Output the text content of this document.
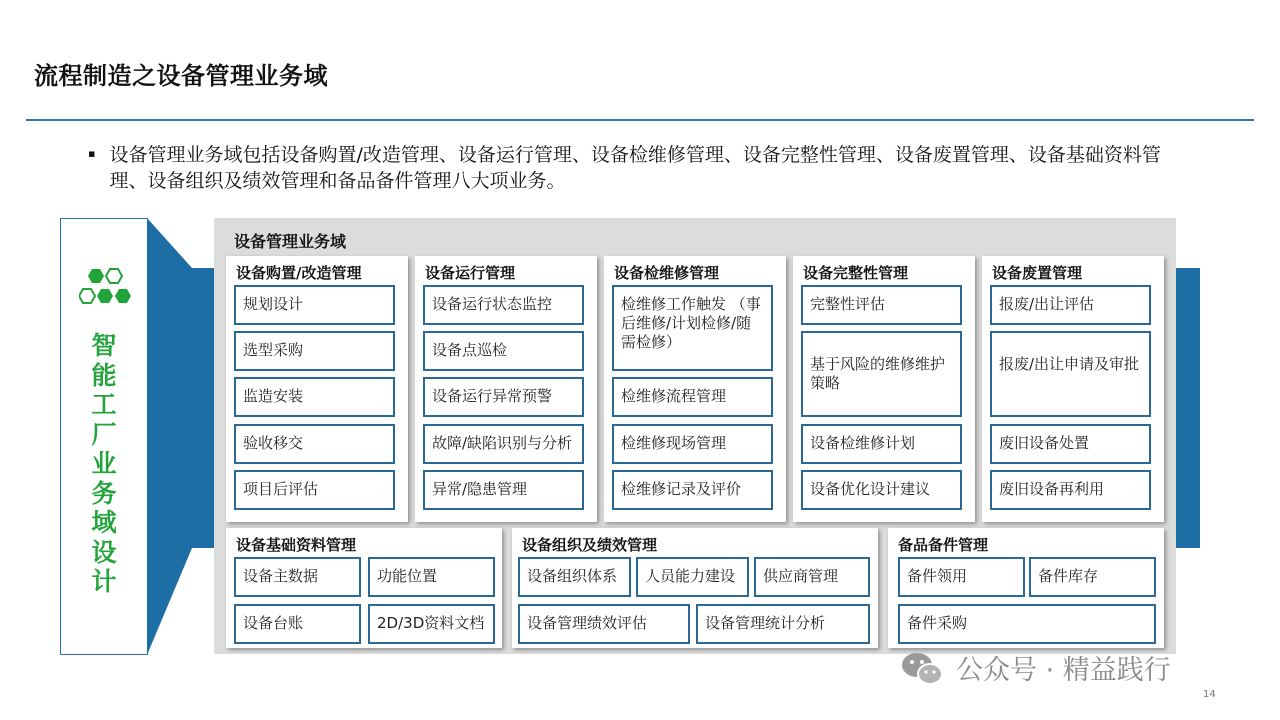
流程制造之设备管理业务域
▪ 设备管理业务域包括设备购置/改造管理、设备运行管理、设备检维修管理、设备完整性管理、设备废置管理、设备基础资料管理、设备组织及绩效管理和备品备件管理八大项业务。
智
能
工
厂
业
务
域
设
计
设备管理业务域
设备购置/改造管理
规划设计
选型采购
监造安装
验收移交
项目后评估
设备运行管理
设备运行状态监控
设备点巡检
设备运行异常预警
故障/缺陷识别与分析
异常/隐患管理
设备检维修管理
检维修工作触发 （事后维修/计划检修/随需检修）
检维修流程管理
检维修现场管理
检维修记录及评价
设备完整性管理
完整性评估
基于风险的维修维护策略
设备检维修计划
设备优化设计建议
设备废置管理
报废/出让评估
报废/出让申请及审批
废旧设备处置
废旧设备再利用
设备基础资料管理
设备主数据	功能位置
设备台账	2D/3D资料文档
设备组织及绩效管理
设备组织体系	人员能力建设	供应商管理
设备管理绩效评估	设备管理统计分析
备品备件管理
备件领用	备件库存
备件采购
公众号 · 精益践行
14
